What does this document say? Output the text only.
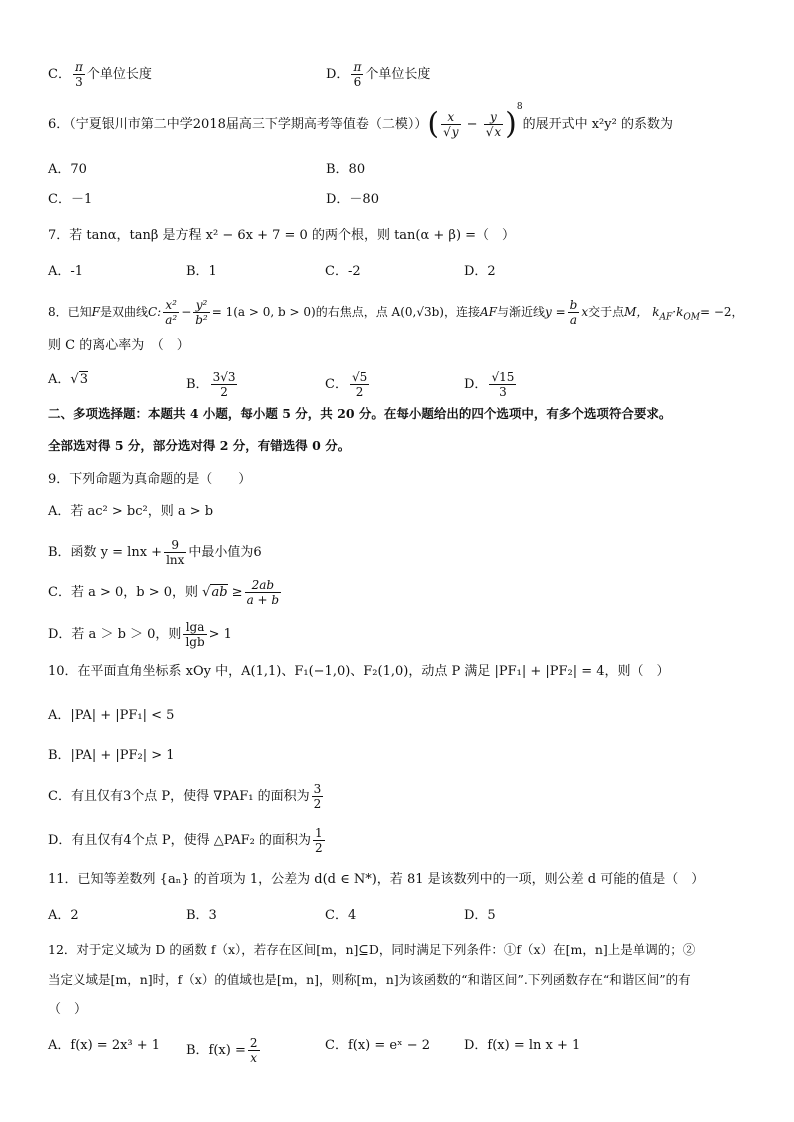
C． $\frac{\pi}{3}$ 个单位长度	D． $\frac{\pi}{6}$ 个单位长度
6．（宁夏银川市第二中学2018届高三下学期高考等值卷（二模））( $\frac{x}{√y} - \frac{y}{√x} )^8$的展开式中 x²y² 的系数为
A．70	B．80
C．－1	D．－80
7．若 tanα，tanβ 是方程 x² − 6x + 7 = 0 的两个根，则 tan(α + β) =（　）
A．-1	B．1	C．-2	D．2
8．已知F是双曲线C: $\frac{\text{x²}}{\text{a²}} - \frac{\text{y²}}{\text{b²}} = 1(a > 0$, b > 0)的右焦点，点 A(0,√3b)，连接AF与渐近线$y = \frac{b}{a}$ x交于点M， $k_{AF}\cdot k_{OM}= -2$，
则 C 的离心率为　（　）
A．√3	B． $\frac{3√3}{2}$	C． $\frac{√5}{2}$	D． $\frac{√15}{3}$
二、多项选择题：本题共 4 小题，每小题 5 分，共 20 分。在每小题给出的四个选项中，有多个选项符合要求。
全部选对得 5 分，部分选对得 2 分，有错选得 0 分。
9．下列命题为真命题的是（　　）
A．若 ac² > bc²，则 a > b
B．函数 $y = \ln x + \frac{9}{\ln x}$ 中最小值为6
C．若 a > 0，b > 0，则 $√ab \ge \frac{2ab}{a + b}$
D．若 a ＞ b ＞ 0，则 $\frac{\lg a}{\lg b} > 1$
10．在平面直角坐标系 xOy 中，A(1,1)、F₁(−1,0)、F₂(1,0)，动点 P 满足 |PF₁| + |PF₂| = 4，则（　）
A．|PA| + |PF₁| < 5
B．|PA| + |PF₂| > 1
C．有且仅有3个点 P，使得 ∇PAF₁ 的面积为 $\frac{3}{2}$
D．有且仅有4个点 P，使得 △PAF₂ 的面积为 $\frac{1}{2}$
11．已知等差数列 {aₙ} 的首项为 1，公差为 d(d ∈ N*)，若 81 是该数列中的一项，则公差 d 可能的值是（　）
A．2	B．3	C．4	D．5
12．对于定义域为 D 的函数 f（x），若存在区间[m，n]⊆D，同时满足下列条件：①f（x）在[m，n]上是单调的；②
当定义域是[m，n]时，f（x）的值域也是[m，n]，则称[m，n]为该函数的“和谐区间”.下列函数存在“和谐区间”的有
（　）
A．f(x) = 2x³ + 1 B．$f(x) = \frac{2}{x}$	C．f(x) = eˣ − 2	D．f(x) = ln x + 1
